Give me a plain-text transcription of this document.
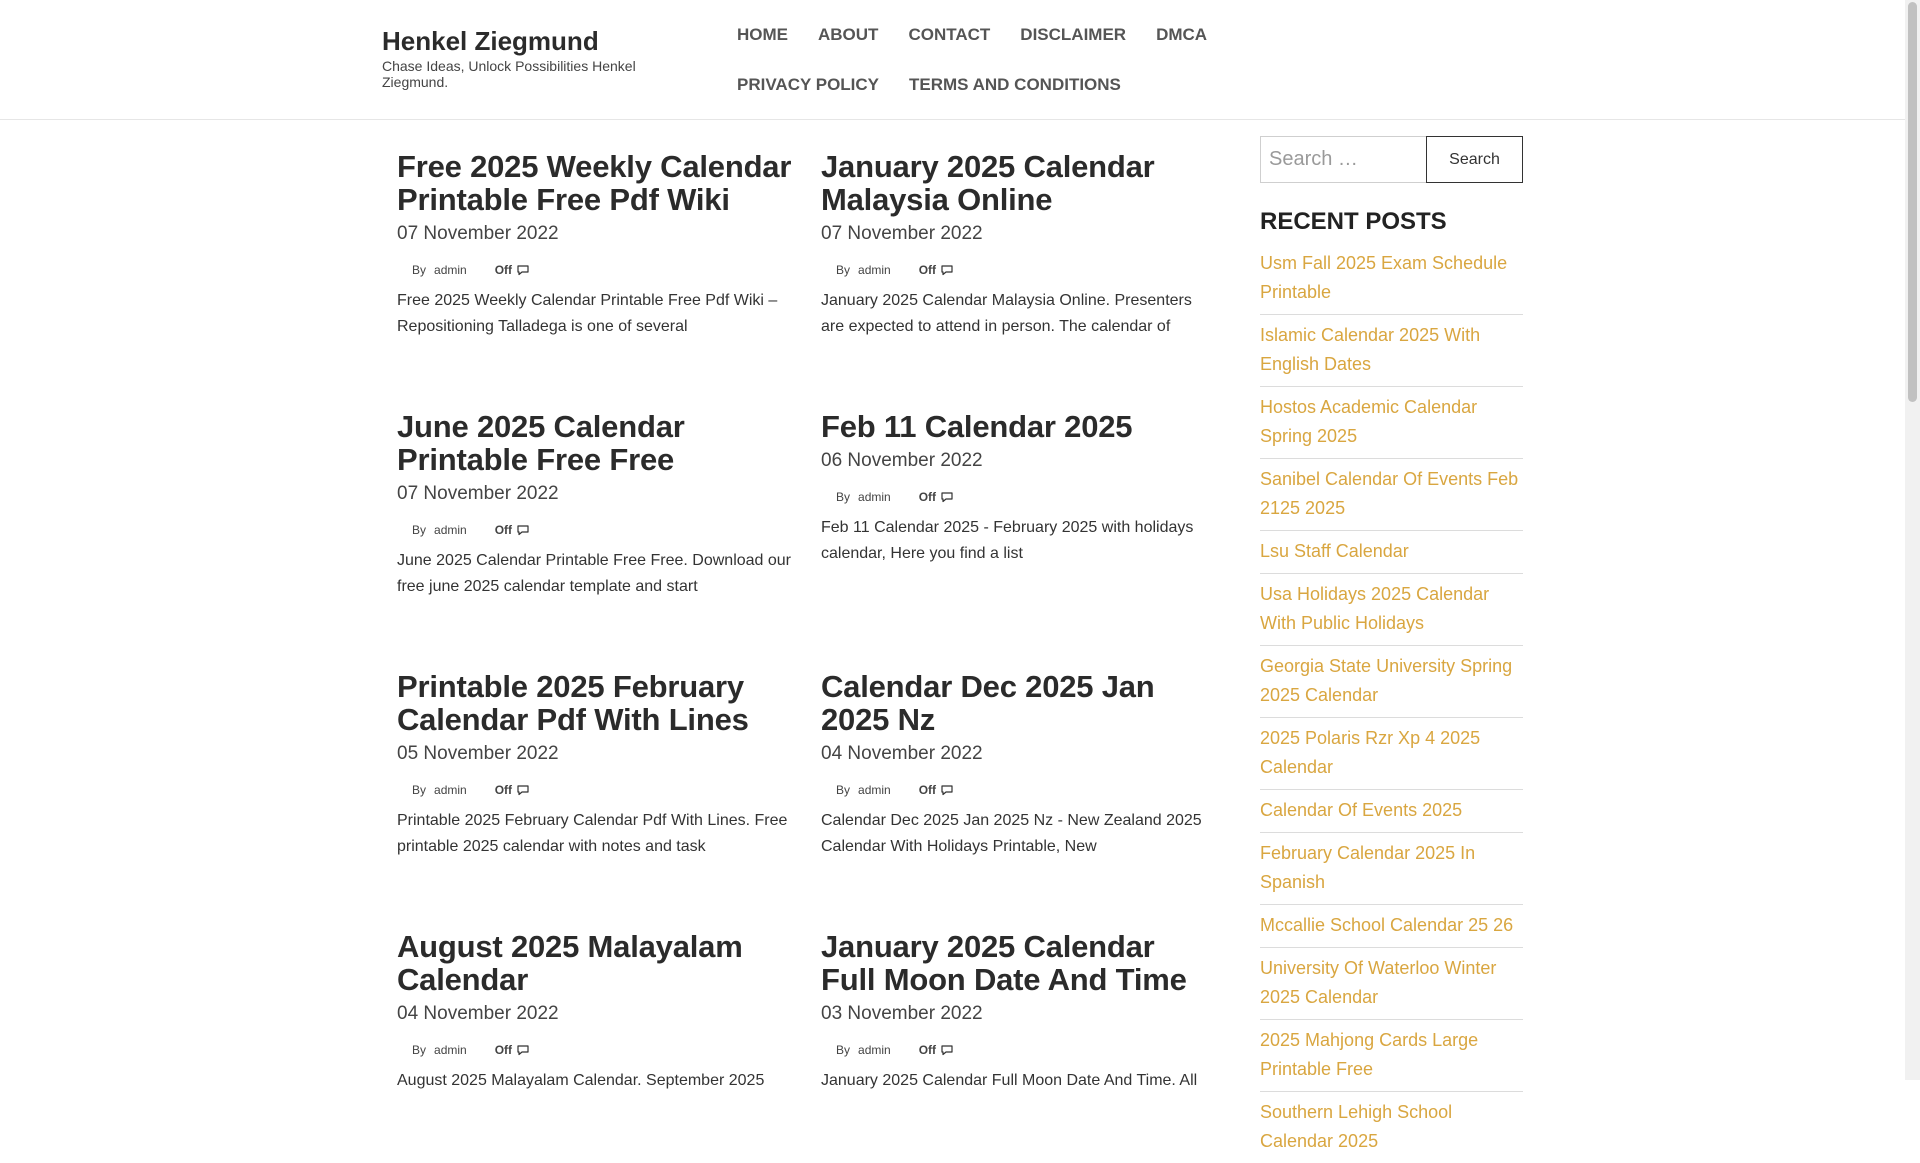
Henkel Ziegmund
Chase Ideas, Unlock Possibilities Henkel Ziegmund.
HOME	ABOUT	CONTACT	DISCLAIMER	DMCA
PRIVACY POLICY	TERMS AND CONDITIONS
Free 2025 Weekly Calendar Printable Free Pdf Wiki
07 November 2022
By admin Off

Free 2025 Weekly Calendar Printable Free Pdf Wiki – Repositioning Talladega is one of several

January 2025 Calendar Malaysia Online
07 November 2022
By admin Off

January 2025 Calendar Malaysia Online. Presenters are expected to attend in person. The calendar of

June 2025 Calendar Printable Free Free
07 November 2022
By admin Off

June 2025 Calendar Printable Free Free. Download our free june 2025 calendar template and start

Feb 11 Calendar 2025
06 November 2022
By admin Off

Feb 11 Calendar 2025 - February 2025 with holidays calendar, Here you find a list

Printable 2025 February Calendar Pdf With Lines
05 November 2022
By admin Off

Printable 2025 February Calendar Pdf With Lines. Free printable 2025 calendar with notes and task

Calendar Dec 2025 Jan 2025 Nz
04 November 2022
By admin Off

Calendar Dec 2025 Jan 2025 Nz - New Zealand 2025 Calendar With Holidays Printable, New

August 2025 Malayalam Calendar
04 November 2022
By admin Off

August 2025 Malayalam Calendar. September 2025

January 2025 Calendar Full Moon Date And Time
03 November 2022
By admin Off

January 2025 Calendar Full Moon Date And Time. All

Search …
Search
RECENT POSTS
Usm Fall 2025 Exam Schedule Printable
Islamic Calendar 2025 With English Dates
Hostos Academic Calendar Spring 2025
Sanibel Calendar Of Events Feb 2125 2025
Lsu Staff Calendar
Usa Holidays 2025 Calendar With Public Holidays
Georgia State University Spring 2025 Calendar
2025 Polaris Rzr Xp 4 2025 Calendar
Calendar Of Events 2025
February Calendar 2025 In Spanish
Mccallie School Calendar 25 26
University Of Waterloo Winter 2025 Calendar
2025 Mahjong Cards Large Printable Free
Southern Lehigh School Calendar 2025
